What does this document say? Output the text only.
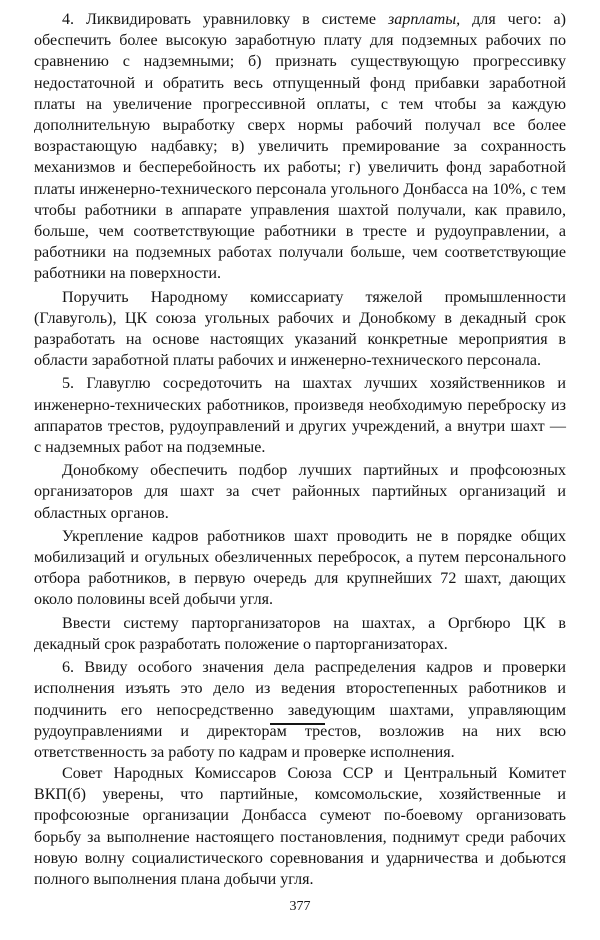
4. Ликвидировать уравниловку в системе зарплаты, для чего: а) обеспечить более высокую заработную плату для подземных рабочих по сравнению с надземными; б) признать существующую прогрессивку недостаточной и обратить весь отпущенный фонд прибавки заработной платы на увеличение прогрессивной оплаты, с тем чтобы за каждую дополнительную выработку сверх нормы рабочий получал все более возрастающую надбавку; в) увеличить премирование за сохранность механизмов и бесперебойность их работы; г) увеличить фонд заработной платы инженерно-технического персонала угольного Донбасса на 10%, с тем чтобы работники в аппарате управления шахтой получали, как правило, больше, чем соответствующие работники в тресте и рудоуправлении, а работники на подземных работах получали больше, чем соответствующие работники на поверхности.

Поручить Народному комиссариату тяжелой промышленности (Главуголь), ЦК союза угольных рабочих и Донобкому в декадный срок разработать на основе настоящих указаний конкретные мероприятия в области заработной платы рабочих и инженерно-технического персонала.

5. Главуглю сосредоточить на шахтах лучших хозяйственников и инженерно-технических работников, произведя необходимую переброску из аппаратов трестов, рудоуправлений и других учреждений, а внутри шахт — с надземных работ на подземные.

Донобкому обеспечить подбор лучших партийных и профсоюзных организаторов для шахт за счет районных партийных организаций и областных органов.

Укрепление кадров работников шахт проводить не в порядке общих мобилизаций и огульных обезличенных перебросок, а путем персонального отбора работников, в первую очередь для крупнейших 72 шахт, дающих около половины всей добычи угля.

Ввести систему парторганизаторов на шахтах, а Оргбюро ЦК в декадный срок разработать положение о парторганизаторах.

6. Ввиду особого значения дела распределения кадров и проверки исполнения изъять это дело из ведения второстепенных работников и подчинить его непосредственно заведующим шахтами, управляющим рудоуправлениями и директорам трестов, возложив на них всю ответственность за работу по кадрам и проверке исполнения.

Совет Народных Комиссаров Союза ССР и Центральный Комитет ВКП(б) уверены, что партийные, комсомольские, хозяйственные и профсоюзные организации Донбасса сумеют по-боевому организовать борьбу за выполнение настоящего постановления, поднимут среди рабочих новую волну социалистического соревнования и ударничества и добьются полного выполнения плана добычи угля.

377
